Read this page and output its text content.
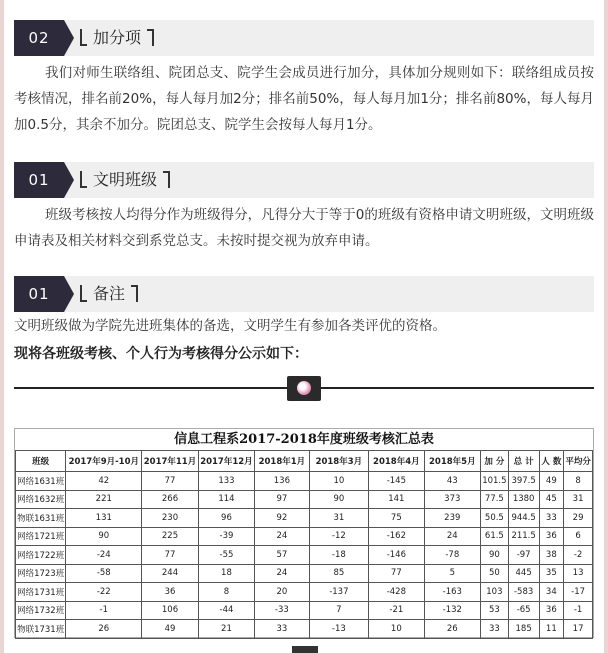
02	加分项

我们对师生联络组、院团总支、院学生会成员进行加分，具体加分规则如下：联络组成员按考核情况，排名前20%，每人每月加2分；排名前50%，每人每月加1分；排名前80%，每人每月加0.5分，其余不加分。院团总支、院学生会按每人每月1分。

01	文明班级

班级考核按人均得分作为班级得分，凡得分大于等于0的班级有资格申请文明班级，文明班级申请表及相关材料交到系党总支。未按时提交视为放弃申请。

01	备注

文明班级做为学院先进班集体的备选，文明学生有参加各类评优的资格。

现将各班级考核、个人行为考核得分公示如下：

信息工程系2017-2018年度班级考核汇总表
班级	2017年9月-10月	2017年11月	2017年12月	2018年1月	2018年3月	2018年4月	2018年5月	加 分	总 计	人 数	平均分
网络1631班	42	77	133	136	10	-145	43	101.5	397.5	49	8
网络1632班	221	266	114	97	90	141	373	77.5	1380	45	31
物联1631班	131	230	96	92	31	75	239	50.5	944.5	33	29
网络1721班	90	225	-39	24	-12	-162	24	61.5	211.5	36	6
网络1722班	-24	77	-55	57	-18	-146	-78	90	-97	38	-2
网络1723班	-58	244	18	24	85	77	5	50	445	35	13
网络1731班	-22	36	8	20	-137	-428	-163	103	-583	34	-17
网络1732班	-1	106	-44	-33	7	-21	-132	53	-65	36	-1
物联1731班	26	49	21	33	-13	10	26	33	185	11	17
